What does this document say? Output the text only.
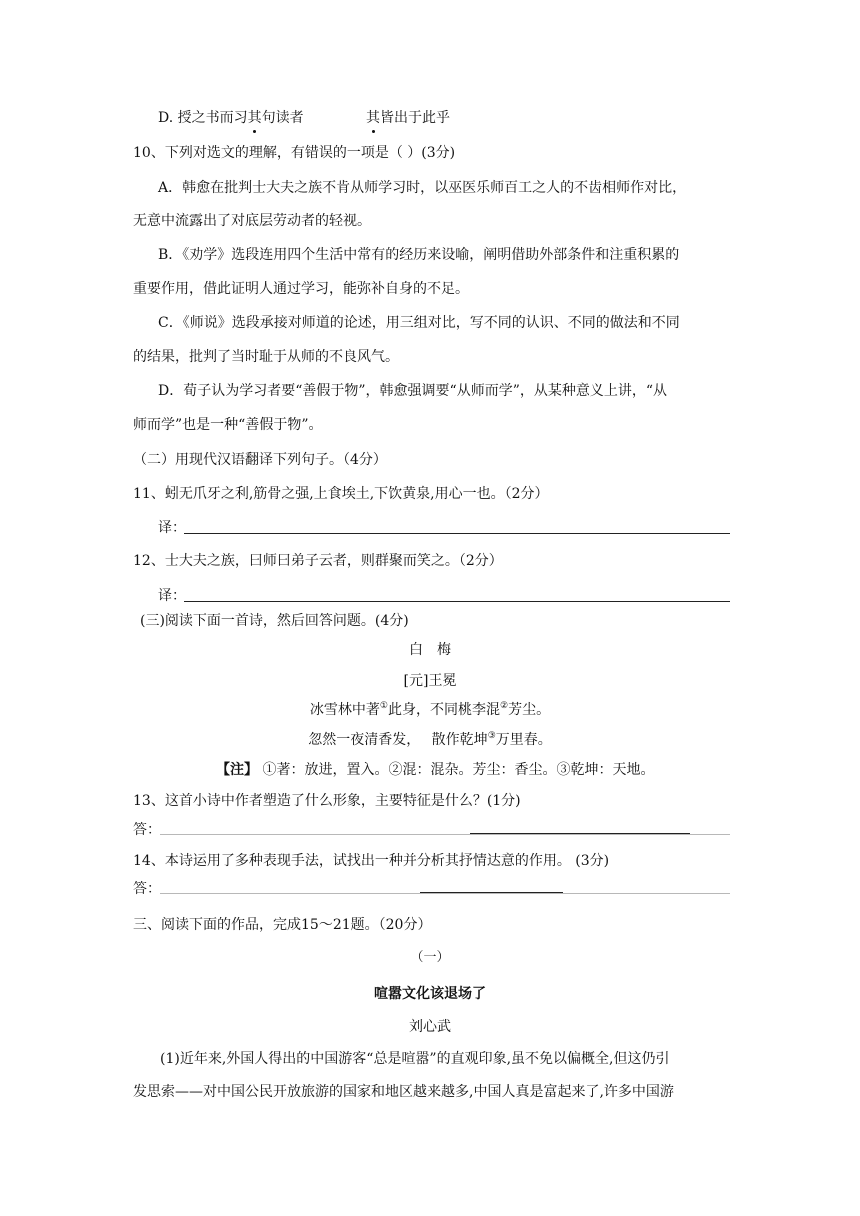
D. 授之书而习其句读者	其皆出于此乎
10、下列对选文的理解，有错误的一项是（ ）(3分)
A．韩愈在批判士大夫之族不肯从师学习时，以巫医乐师百工之人的不齿相师作对比，
无意中流露出了对底层劳动者的轻视。
B．《劝学》选段连用四个生活中常有的经历来设喻，阐明借助外部条件和注重积累的
重要作用，借此证明人通过学习，能弥补自身的不足。
C．《师说》选段承接对师道的论述，用三组对比，写不同的认识、不同的做法和不同
的结果，批判了当时耻于从师的不良风气。
D．荀子认为学习者要“善假于物”，韩愈强调要“从师而学”，从某种意义上讲，“从
师而学”也是一种“善假于物”。
（二）用现代汉语翻译下列句子。（4分）
11、蚓无爪牙之利,筋骨之强,上食埃土,下饮黄泉,用心一也。（2分）
译：
12、士大夫之族，曰师曰弟子云者，则群聚而笑之。（2分）
译：
(三)阅读下面一首诗，然后回答问题。(4分)
白　梅
[元]王冕
冰雪林中著①此身，不同桃李混②芳尘。
忽然一夜清香发，　 散作乾坤③万里春。
【注】 ①著：放进，置入。②混：混杂。芳尘：香尘。③乾坤：天地。
13、这首小诗中作者塑造了什么形象，主要特征是什么？(1分)
答：
14、本诗运用了多种表现手法，试找出一种并分析其抒情达意的作用。 (3分)
答：
三、阅读下面的作品，完成15～21题。（20分）
（一）
喧嚣文化该退场了
刘心武
(1)近年来,外国人得出的中国游客“总是喧嚣”的直观印象,虽不免以偏概全,但这仍引
发思索——对中国公民开放旅游的国家和地区越来越多,中国人真是富起来了,许多中国游
